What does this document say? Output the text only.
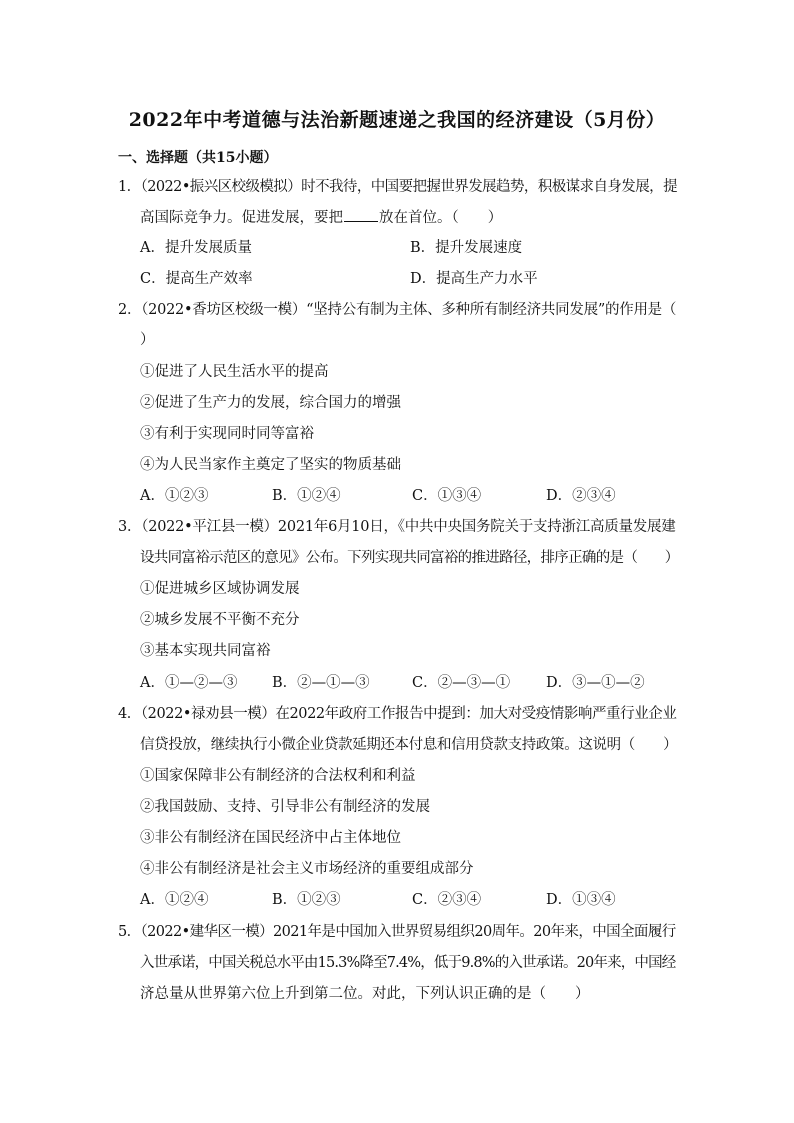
2022年中考道德与法治新题速递之我国的经济建设（5月份）
一、选择题（共15小题）
1．（2022•振兴区校级模拟）时不我待，中国要把握世界发展趋势，积极谋求自身发展，提
高国际竞争力。促进发展，要把 放在首位。（　　）
A．提升发展质量	B．提升发展速度
C．提高生产效率	D．提高生产力水平
2．（2022•香坊区校级一模）“坚持公有制为主体、多种所有制经济共同发展”的作用是（
）
①促进了人民生活水平的提高
②促进了生产力的发展，综合国力的增强
③有利于实现同时同等富裕
④为人民当家作主奠定了坚实的物质基础
A．①②③	B．①②④	C．①③④	D．②③④
3．（2022•平江县一模）2021年6月10日，《中共中央国务院关于支持浙江高质量发展建
设共同富裕示范区的意见》公布。下列实现共同富裕的推进路径，排序正确的是（　　）
①促进城乡区域协调发展
②城乡发展不平衡不充分
③基本实现共同富裕
A．①—②—③ B．②—①—③	C．②—③—① D．③—①—②
4．（2022•禄劝县一模）在2022年政府工作报告中提到：加大对受疫情影响严重行业企业
信贷投放，继续执行小微企业贷款延期还本付息和信用贷款支持政策。这说明（　　）
①国家保障非公有制经济的合法权利和利益
②我国鼓励、支持、引导非公有制经济的发展
③非公有制经济在国民经济中占主体地位
④非公有制经济是社会主义市场经济的重要组成部分
A．①②④	B．①②③	C．②③④	D．①③④
5．（2022•建华区一模）2021年是中国加入世界贸易组织20周年。20年来，中国全面履行
入世承诺，中国关税总水平由15.3%降至7.4%，低于9.8%的入世承诺。20年来，中国经
济总量从世界第六位上升到第二位。对此，下列认识正确的是（　　）
